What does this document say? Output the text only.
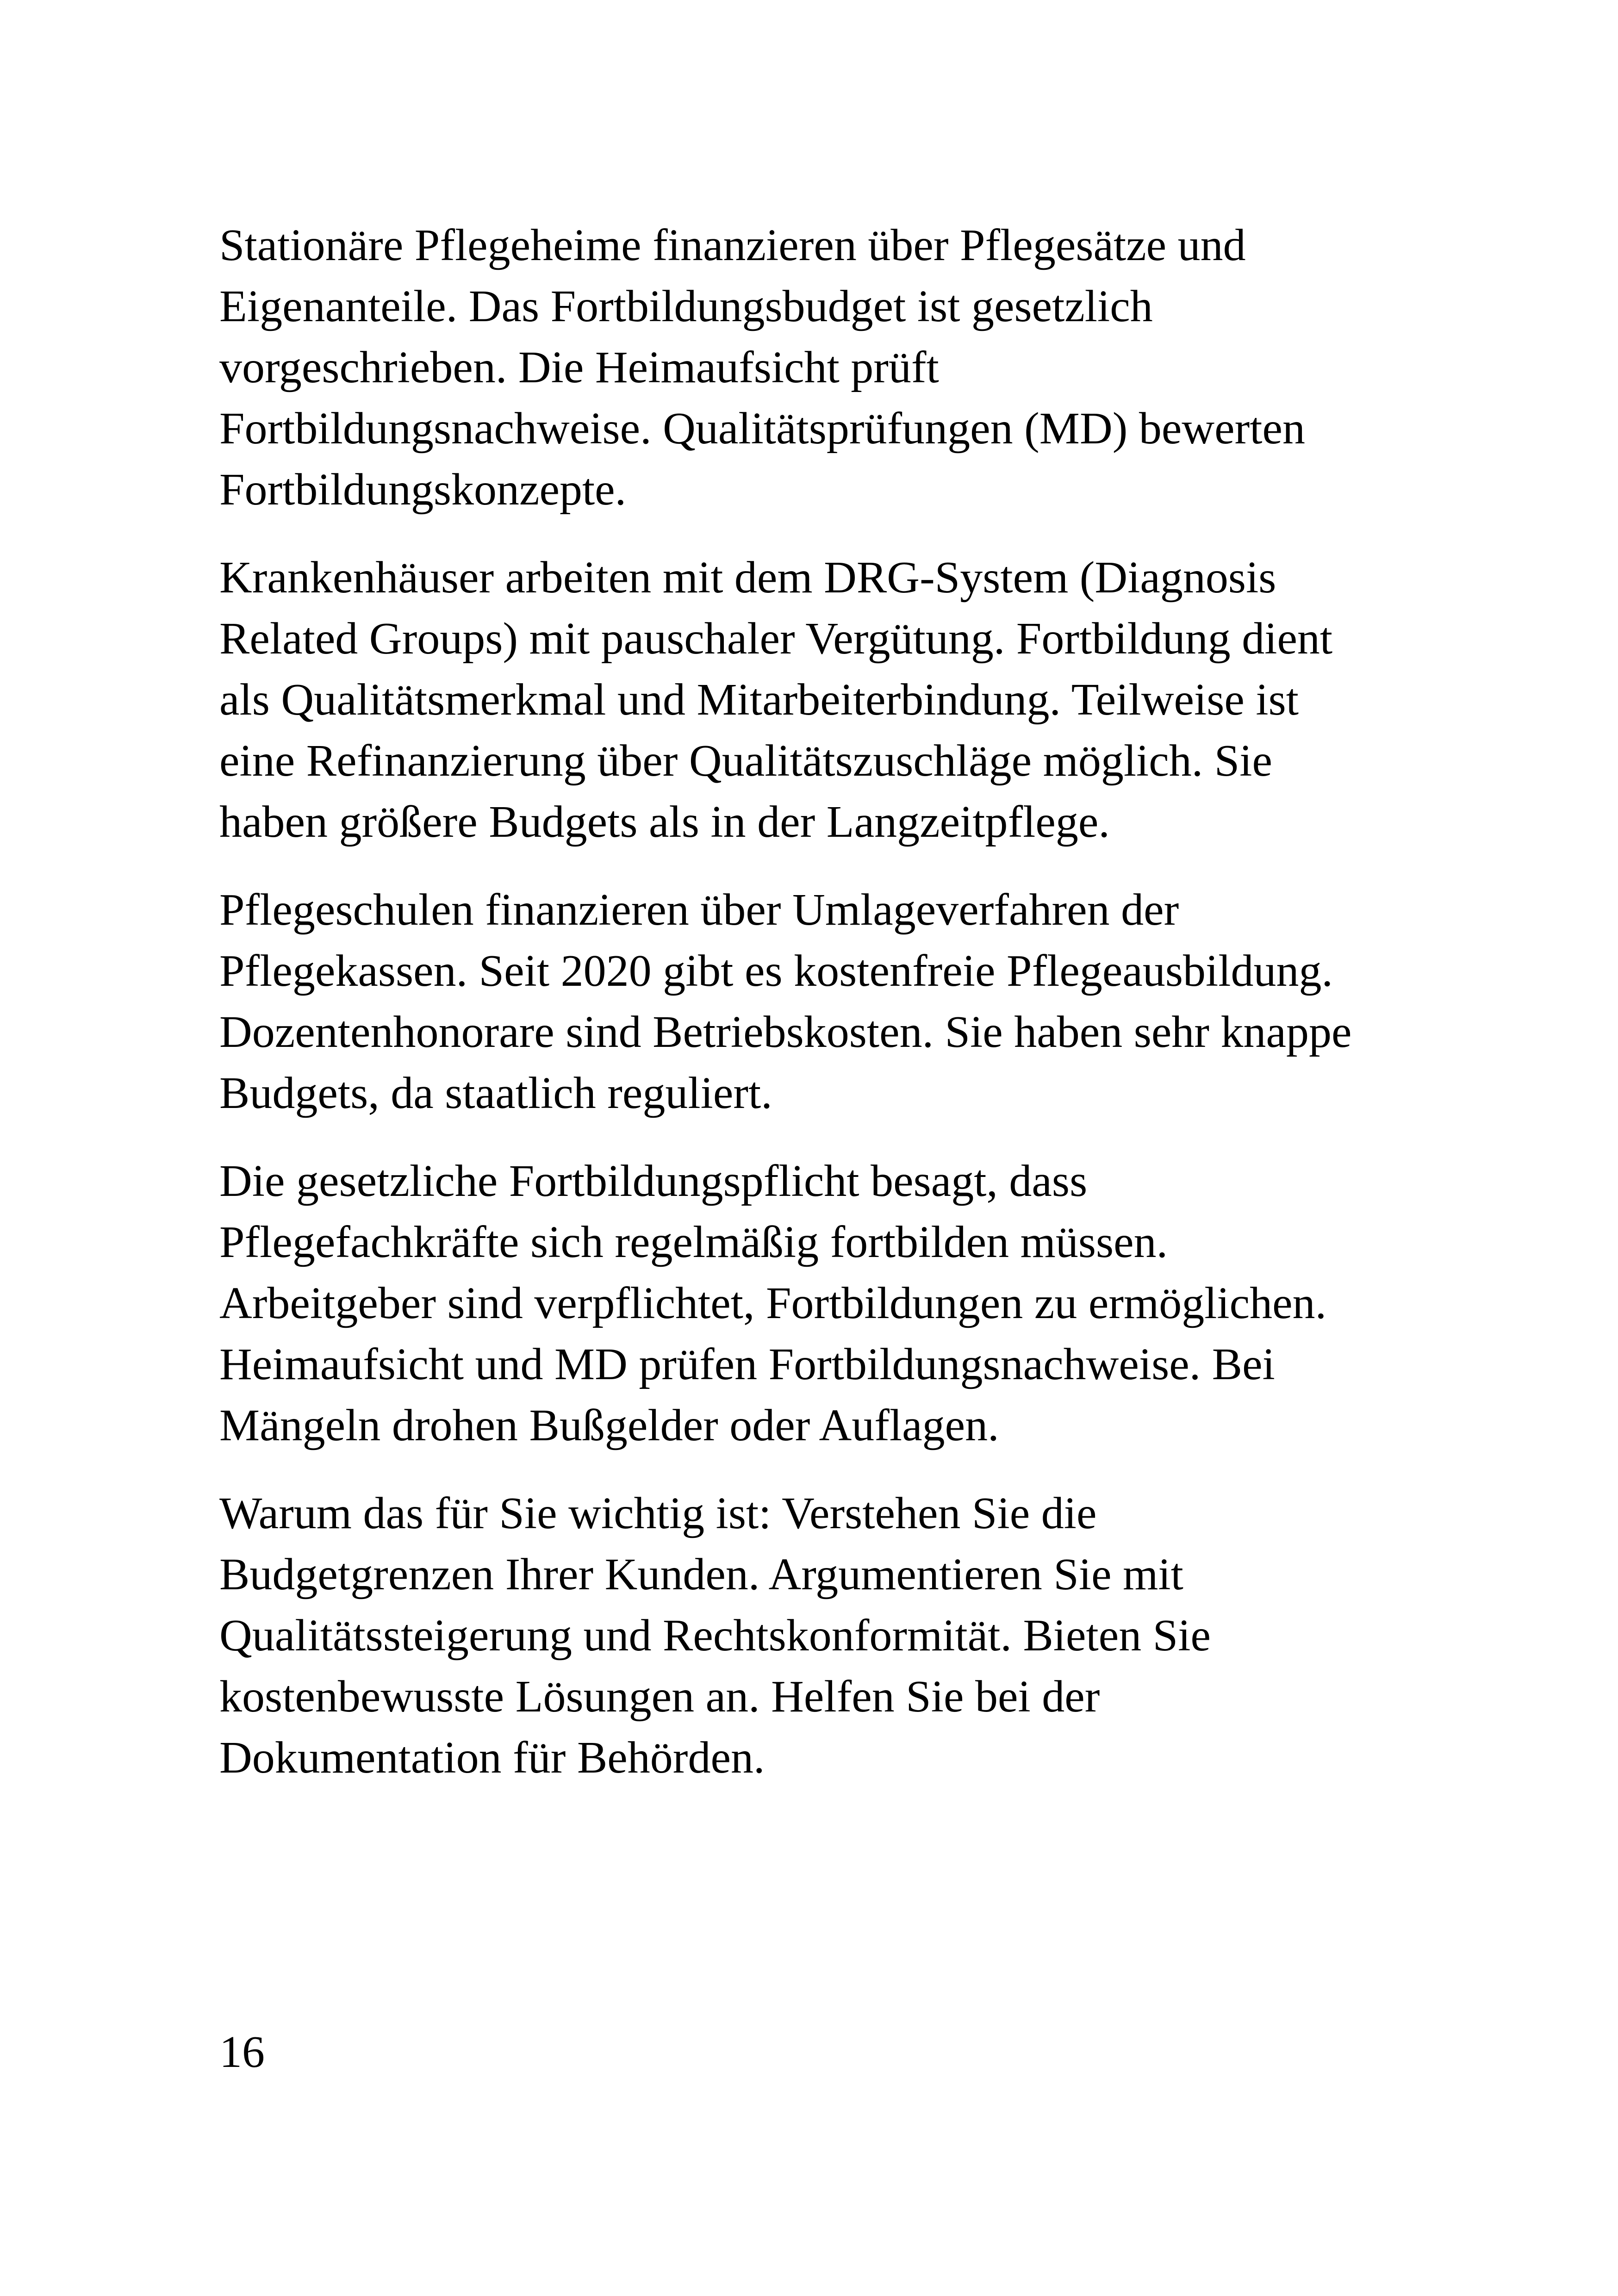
Stationäre Pflegeheime finanzieren über Pflegesätze und
Eigenanteile. Das Fortbildungsbudget ist gesetzlich
vorgeschrieben. Die Heimaufsicht prüft
Fortbildungsnachweise. Qualitätsprüfungen (MD) bewerten
Fortbildungskonzepte.

Krankenhäuser arbeiten mit dem DRG-System (Diagnosis
Related Groups) mit pauschaler Vergütung. Fortbildung dient
als Qualitätsmerkmal und Mitarbeiterbindung. Teilweise ist
eine Refinanzierung über Qualitätszuschläge möglich. Sie
haben größere Budgets als in der Langzeitpflege.

Pflegeschulen finanzieren über Umlageverfahren der
Pflegekassen. Seit 2020 gibt es kostenfreie Pflegeausbildung.
Dozentenhonorare sind Betriebskosten. Sie haben sehr knappe
Budgets, da staatlich reguliert.

Die gesetzliche Fortbildungspflicht besagt, dass
Pflegefachkräfte sich regelmäßig fortbilden müssen.
Arbeitgeber sind verpflichtet, Fortbildungen zu ermöglichen.
Heimaufsicht und MD prüfen Fortbildungsnachweise. Bei
Mängeln drohen Bußgelder oder Auflagen.

Warum das für Sie wichtig ist: Verstehen Sie die
Budgetgrenzen Ihrer Kunden. Argumentieren Sie mit
Qualitätssteigerung und Rechtskonformität. Bieten Sie
kostenbewusste Lösungen an. Helfen Sie bei der
Dokumentation für Behörden.

16
